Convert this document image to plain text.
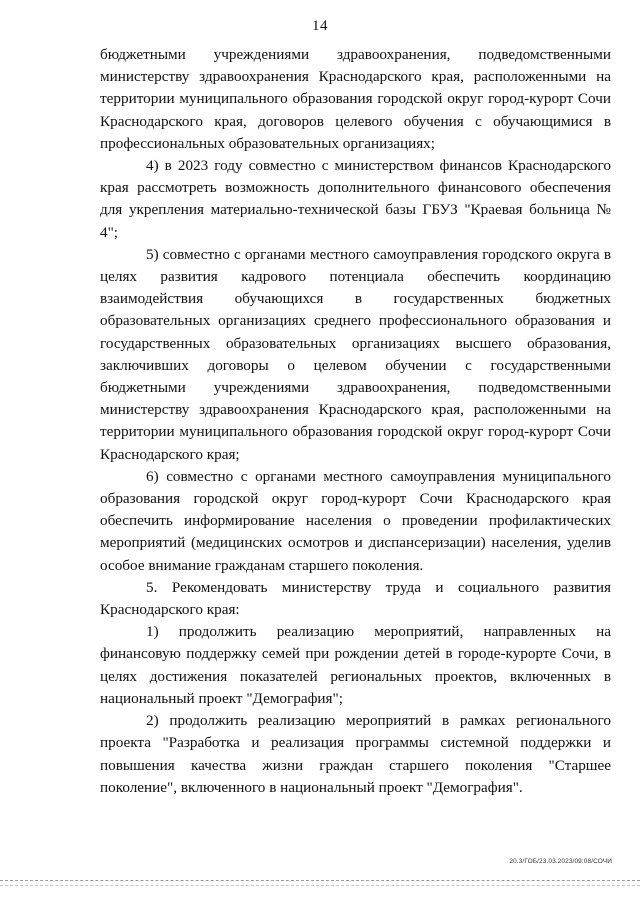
14

бюджетными учреждениями здравоохранения, подведомственными министерству здравоохранения Краснодарского края, расположенными на территории муниципального образования городской округ город-курорт Сочи Краснодарского края, договоров целевого обучения с обучающимися в профессиональных образовательных организациях;

4) в 2023 году совместно с министерством финансов Краснодарского края рассмотреть возможность дополнительного финансового обеспечения для укрепления материально-технической базы ГБУЗ "Краевая больница № 4";

5) совместно с органами местного самоуправления городского округа в целях развития кадрового потенциала обеспечить координацию взаимодействия обучающихся в государственных бюджетных образовательных организациях среднего профессионального образования и государственных образовательных организациях высшего образования, заключивших договоры о целевом обучении с государственными бюджетными учреждениями здравоохранения, подведомственными министерству здравоохранения Краснодарского края, расположенными на территории муниципального образования городской округ город-курорт Сочи Краснодарского края;

6) совместно с органами местного самоуправления муниципального образования городской округ город-курорт Сочи Краснодарского края обеспечить информирование населения о проведении профилактических мероприятий (медицинских осмотров и диспансеризации) населения, уделив особое внимание гражданам старшего поколения.

5. Рекомендовать министерству труда и социального развития Краснодарского края:

1) продолжить реализацию мероприятий, направленных на финансовую поддержку семей при рождении детей в городе-курорте Сочи, в целях достижения показателей региональных проектов, включенных в национальный проект "Демография";

2) продолжить реализацию мероприятий в рамках регионального проекта "Разработка и реализация программы системной поддержки и повышения качества жизни граждан старшего поколения "Старшее поколение", включенного в национальный проект "Демография".

20.3/ГОБ/23.03.2023/09:08/СОЧИ
